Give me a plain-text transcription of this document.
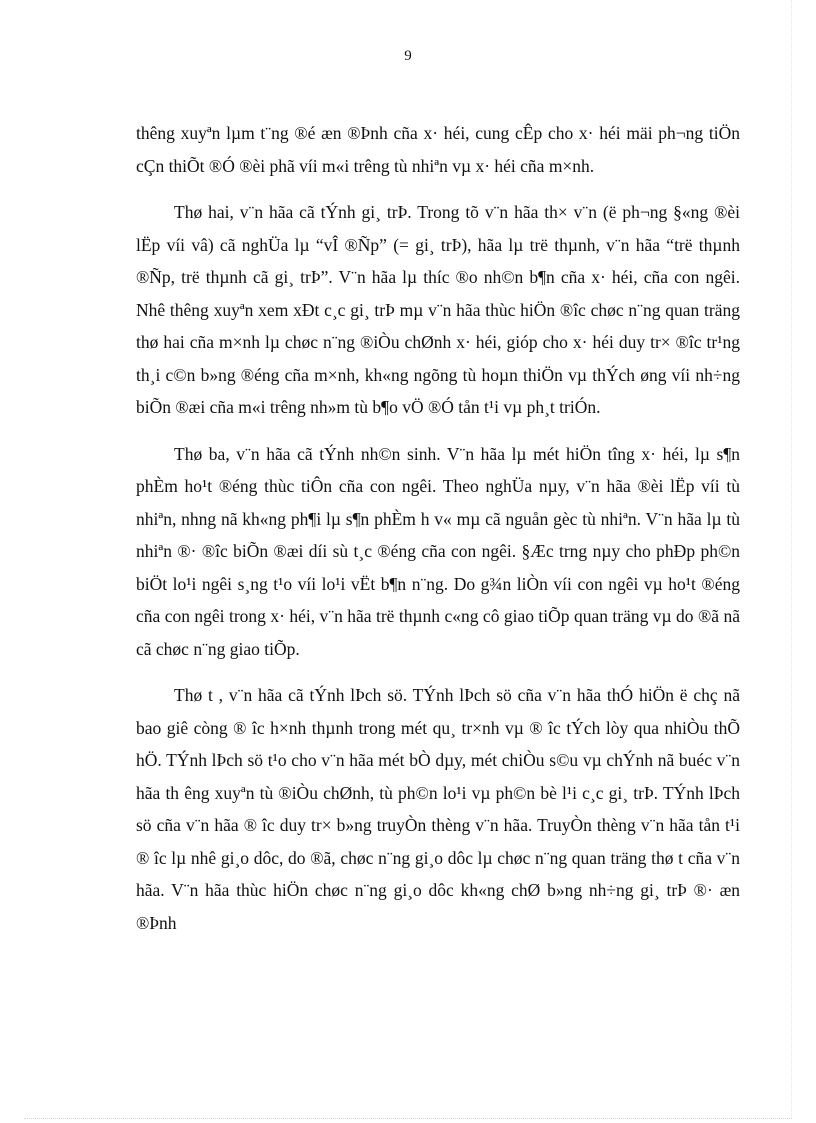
9

thêng xuyªn lµm t¨ng ®é æn ®Þnh cña x· héi, cung cÊp cho x· héi mäi ph¬ng tiÖn cÇn thiÕt ®Ó ®èi phã víi m«i trêng tù nhiªn vµ x· héi cña m×nh.

Thø hai, v¨n hãa cã tÝnh gi¸ trÞ. Trong tõ v¨n hãa th× v¨n (ë ph¬ng §«ng ®èi lËp víi vâ) cã nghÜa lµ “vÎ ®Ñp” (= gi¸ trÞ), hãa lµ trë thµnh, v¨n hãa “trë thµnh ®Ñp, trë thµnh cã gi¸ trÞ”. V¨n hãa lµ thíc ®o nh©n b¶n cña x· héi, cña con ngêi. Nhê thêng xuyªn xem xÐt c¸c gi¸ trÞ mµ v¨n hãa thùc hiÖn ®îc chøc n¨ng quan träng thø hai cña m×nh lµ chøc n¨ng ®iÒu chØnh x· héi, gióp cho x· héi duy tr× ®îc tr¹ng th¸i c©n b»ng ®éng cña m×nh, kh«ng ngõng tù hoµn thiÖn vµ thÝch øng víi nh÷ng biÕn ®æi cña m«i trêng nh»m tù b¶o vÖ ®Ó tån t¹i vµ ph¸t triÓn.

Thø ba, v¨n hãa cã tÝnh nh©n sinh. V¨n hãa lµ mét hiÖn tîng x· héi, lµ s¶n phÈm ho¹t ®éng thùc tiÔn cña con ngêi. Theo nghÜa nµy, v¨n hãa ®èi lËp víi tù nhiªn, nhng nã kh«ng ph¶i lµ s¶n phÈm h v« mµ cã nguån gèc tù nhiªn. V¨n hãa lµ tù nhiªn ®· ®îc biÕn ®æi díi sù t¸c ®éng cña con ngêi. §Æc trng nµy cho phÐp ph©n biÖt lo¹i ngêi s¸ng t¹o víi lo¹i vËt b¶n n¨ng. Do g¾n liÒn víi con ngêi vµ ho¹t ®éng cña con ngêi trong x· héi, v¨n hãa trë thµnh c«ng cô giao tiÕp quan träng vµ do ®ã nã cã chøc n¨ng giao tiÕp.

Thø t , v¨n hãa cã tÝnh lÞch sö. TÝnh lÞch sö cña v¨n hãa thÓ hiÖn ë chç nã bao giê còng ® îc h×nh thµnh trong mét qu¸ tr×nh vµ ® îc tÝch lòy qua nhiÒu thÕ hÖ. TÝnh lÞch sö t¹o cho v¨n hãa mét bÒ dµy, mét chiÒu s©u vµ chÝnh nã buéc v¨n hãa th êng xuyªn tù ®iÒu chØnh, tù ph©n lo¹i vµ ph©n bè l¹i c¸c gi¸ trÞ. TÝnh lÞch sö cña v¨n hãa ® îc duy tr× b»ng truyÒn thèng v¨n hãa. TruyÒn thèng v¨n hãa tån t¹i ® îc lµ nhê gi¸o dôc, do ®ã, chøc n¨ng gi¸o dôc lµ chøc n¨ng quan träng thø t cña v¨n hãa. V¨n hãa thùc hiÖn chøc n¨ng gi¸o dôc kh«ng chØ b»ng nh÷ng gi¸ trÞ ®· æn ®Þnh
